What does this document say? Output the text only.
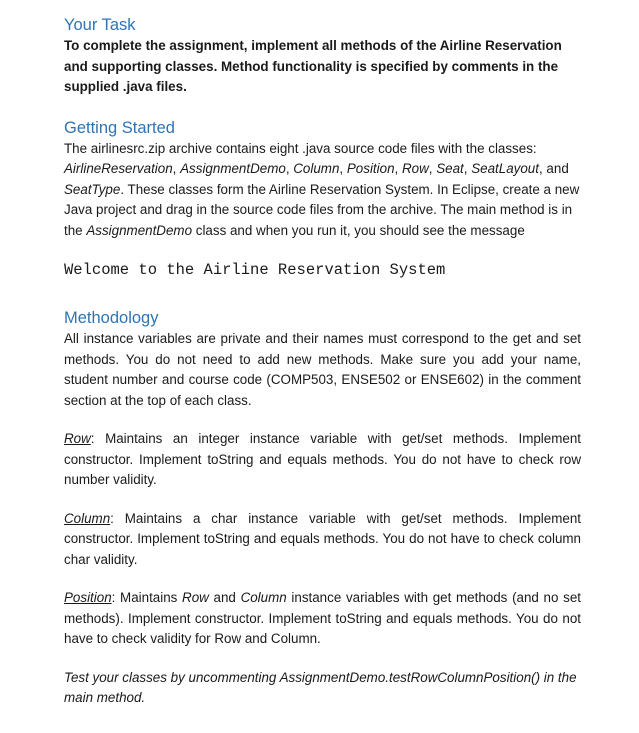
Your Task

To complete the assignment, implement all methods of the Airline Reservation and supporting classes. Method functionality is specified by comments in the supplied .java files.

Getting Started

The airlinesrc.zip archive contains eight .java source code files with the classes: AirlineReservation, AssignmentDemo, Column, Position, Row, Seat, SeatLayout, and SeatType. These classes form the Airline Reservation System. In Eclipse, create a new Java project and drag in the source code files from the archive. The main method is in the AssignmentDemo class and when you run it, you should see the message

Welcome to the Airline Reservation System

Methodology

All instance variables are private and their names must correspond to the get and set methods. You do not need to add new methods. Make sure you add your name, student number and course code (COMP503, ENSE502 or ENSE602) in the comment section at the top of each class.

Row: Maintains an integer instance variable with get/set methods. Implement constructor. Implement toString and equals methods. You do not have to check row number validity.

Column: Maintains a char instance variable with get/set methods. Implement constructor. Implement toString and equals methods. You do not have to check column char validity.

Position: Maintains Row and Column instance variables with get methods (and no set methods). Implement constructor. Implement toString and equals methods. You do not have to check validity for Row and Column.

Test your classes by uncommenting AssignmentDemo.testRowColumnPosition() in the main method.
